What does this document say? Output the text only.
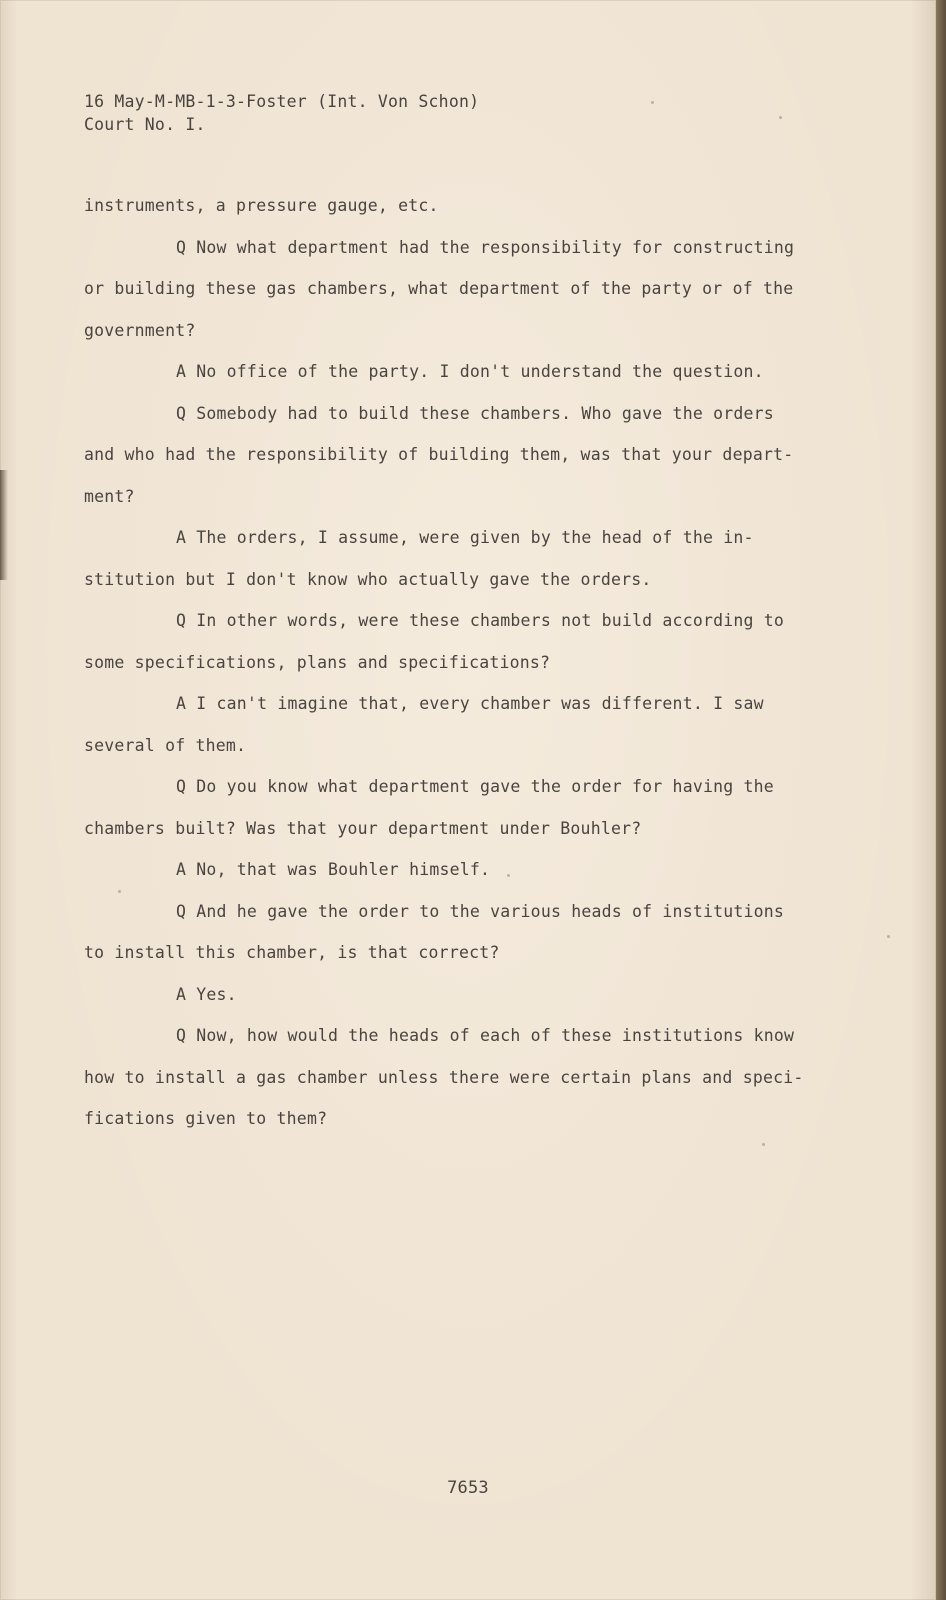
16 May-M-MB-1-3-Foster (Int. Von Schon)
Court No. I.
instruments, a pressure gauge, etc.
Q Now what department had the responsibility for constructing
or building these gas chambers, what department of the party or of the
government?
A No office of the party. I don't understand the question.
Q Somebody had to build these chambers. Who gave the orders
and who had the responsibility of building them, was that your depart-
ment?
A The orders, I assume, were given by the head of the in-
stitution but I don't know who actually gave the orders.
Q In other words, were these chambers not build according to
some specifications, plans and specifications?
A I can't imagine that, every chamber was different. I saw
several of them.
Q Do you know what department gave the order for having the
chambers built? Was that your department under Bouhler?
A No, that was Bouhler himself.
Q And he gave the order to the various heads of institutions
to install this chamber, is that correct?
A Yes.
Q Now, how would the heads of each of these institutions know
how to install a gas chamber unless there were certain plans and speci-
fications given to them?
7653
